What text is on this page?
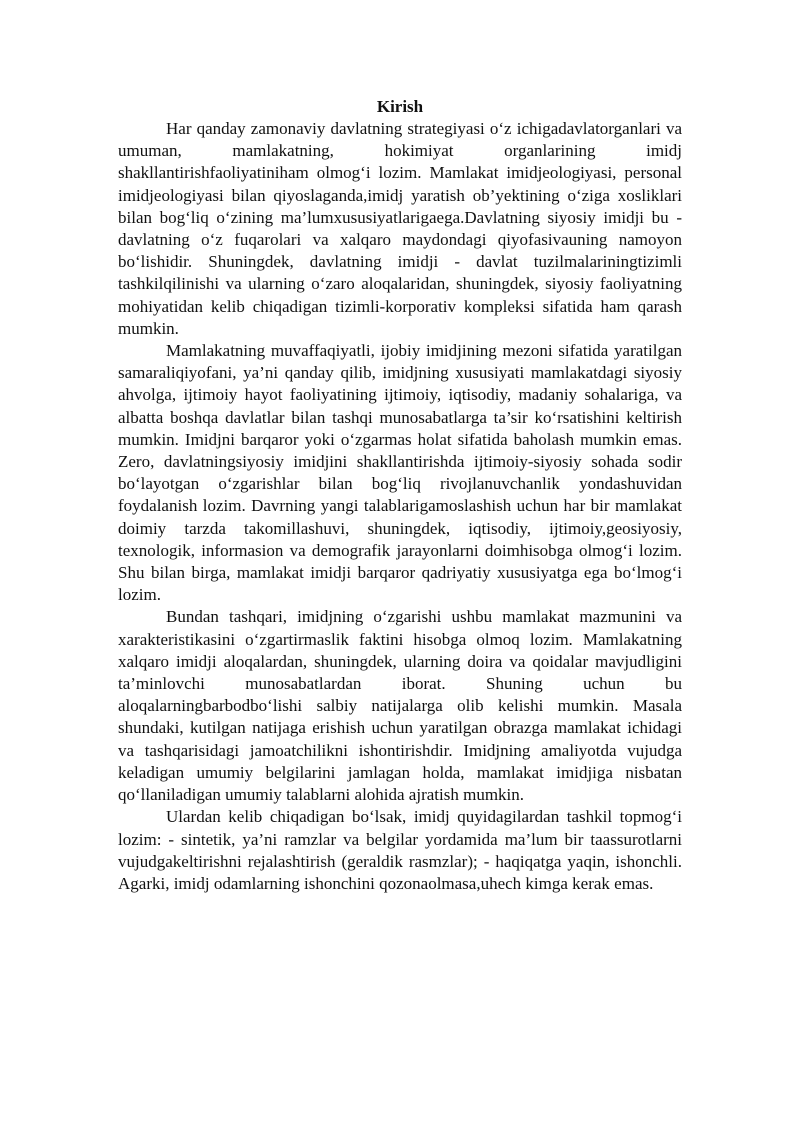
Kirish

Har qanday zamonaviy davlatning strategiyasi o‘z ichigadavlatorganlari va umuman, mamlakatning, hokimiyat organlarining imidj shakllantirishfaoliyatiniham olmog‘i lozim. Mamlakat imidjeologiyasi, personal imidjeologiyasi bilan qiyoslaganda,imidj yaratish ob’yektining o‘ziga xosliklari bilan bog‘liq o‘zining ma’lumxususiyatlarigaega.Davlatning siyosiy imidji bu - davlatning o‘z fuqarolari va xalqaro maydondagi qiyofasivauning namoyon bo‘lishidir. Shuningdek, davlatning imidji - davlat tuzilmalariningtizimli tashkilqilinishi va ularning o‘zaro aloqalaridan, shuningdek, siyosiy faoliyatning mohiyatidan kelib chiqadigan tizimli-korporativ kompleksi sifatida ham qarash mumkin.

Mamlakatning muvaffaqiyatli, ijobiy imidjining mezoni sifatida yaratilgan samaraliqiyofani, ya’ni qanday qilib, imidjning xususiyati mamlakatdagi siyosiy ahvolga, ijtimoiy hayot faoliyatining ijtimoiy, iqtisodiy, madaniy sohalariga, va albatta boshqa davlatlar bilan tashqi munosabatlarga ta’sir ko‘rsatishini keltirish mumkin. Imidjni barqaror yoki o‘zgarmas holat sifatida baholash mumkin emas. Zero, davlatningsiyosiy imidjini shakllantirishda ijtimoiy-siyosiy sohada sodir bo‘layotgan o‘zgarishlar bilan bog‘liq rivojlanuvchanlik yondashuvidan foydalanish lozim. Davrning yangi talablarigamoslashish uchun har bir mamlakat doimiy tarzda takomillashuvi, shuningdek, iqtisodiy, ijtimoiy,geosiyosiy, texnologik, informasion va demografik jarayonlarni doimhisobga olmog‘i lozim. Shu bilan birga, mamlakat imidji barqaror qadriyatiy xususiyatga ega bo‘lmog‘i lozim.

Bundan tashqari, imidjning o‘zgarishi ushbu mamlakat mazmunini va xarakteristikasini o‘zgartirmaslik faktini hisobga olmoq lozim. Mamlakatning xalqaro imidji aloqalardan, shuningdek, ularning doira va qoidalar mavjudligini ta’minlovchi munosabatlardan iborat. Shuning uchun bu aloqalarningbarbodbo‘lishi salbiy natijalarga olib kelishi mumkin. Masala shundaki, kutilgan natijaga erishish uchun yaratilgan obrazga mamlakat ichidagi va tashqarisidagi jamoatchilikni ishontirishdir. Imidjning amaliyotda vujudga keladigan umumiy belgilarini jamlagan holda, mamlakat imidjiga nisbatan qo‘llaniladigan umumiy talablarni alohida ajratish mumkin.

Ulardan kelib chiqadigan bo‘lsak, imidj quyidagilardan tashkil topmog‘i lozim: - sintetik, ya’ni ramzlar va belgilar yordamida ma’lum bir taassurotlarni vujudgakeltirishni rejalashtirish (geraldik rasmzlar); - haqiqatga yaqin, ishonchli. Agarki, imidj odamlarning ishonchini qozonaolmasa,uhech kimga kerak emas.
